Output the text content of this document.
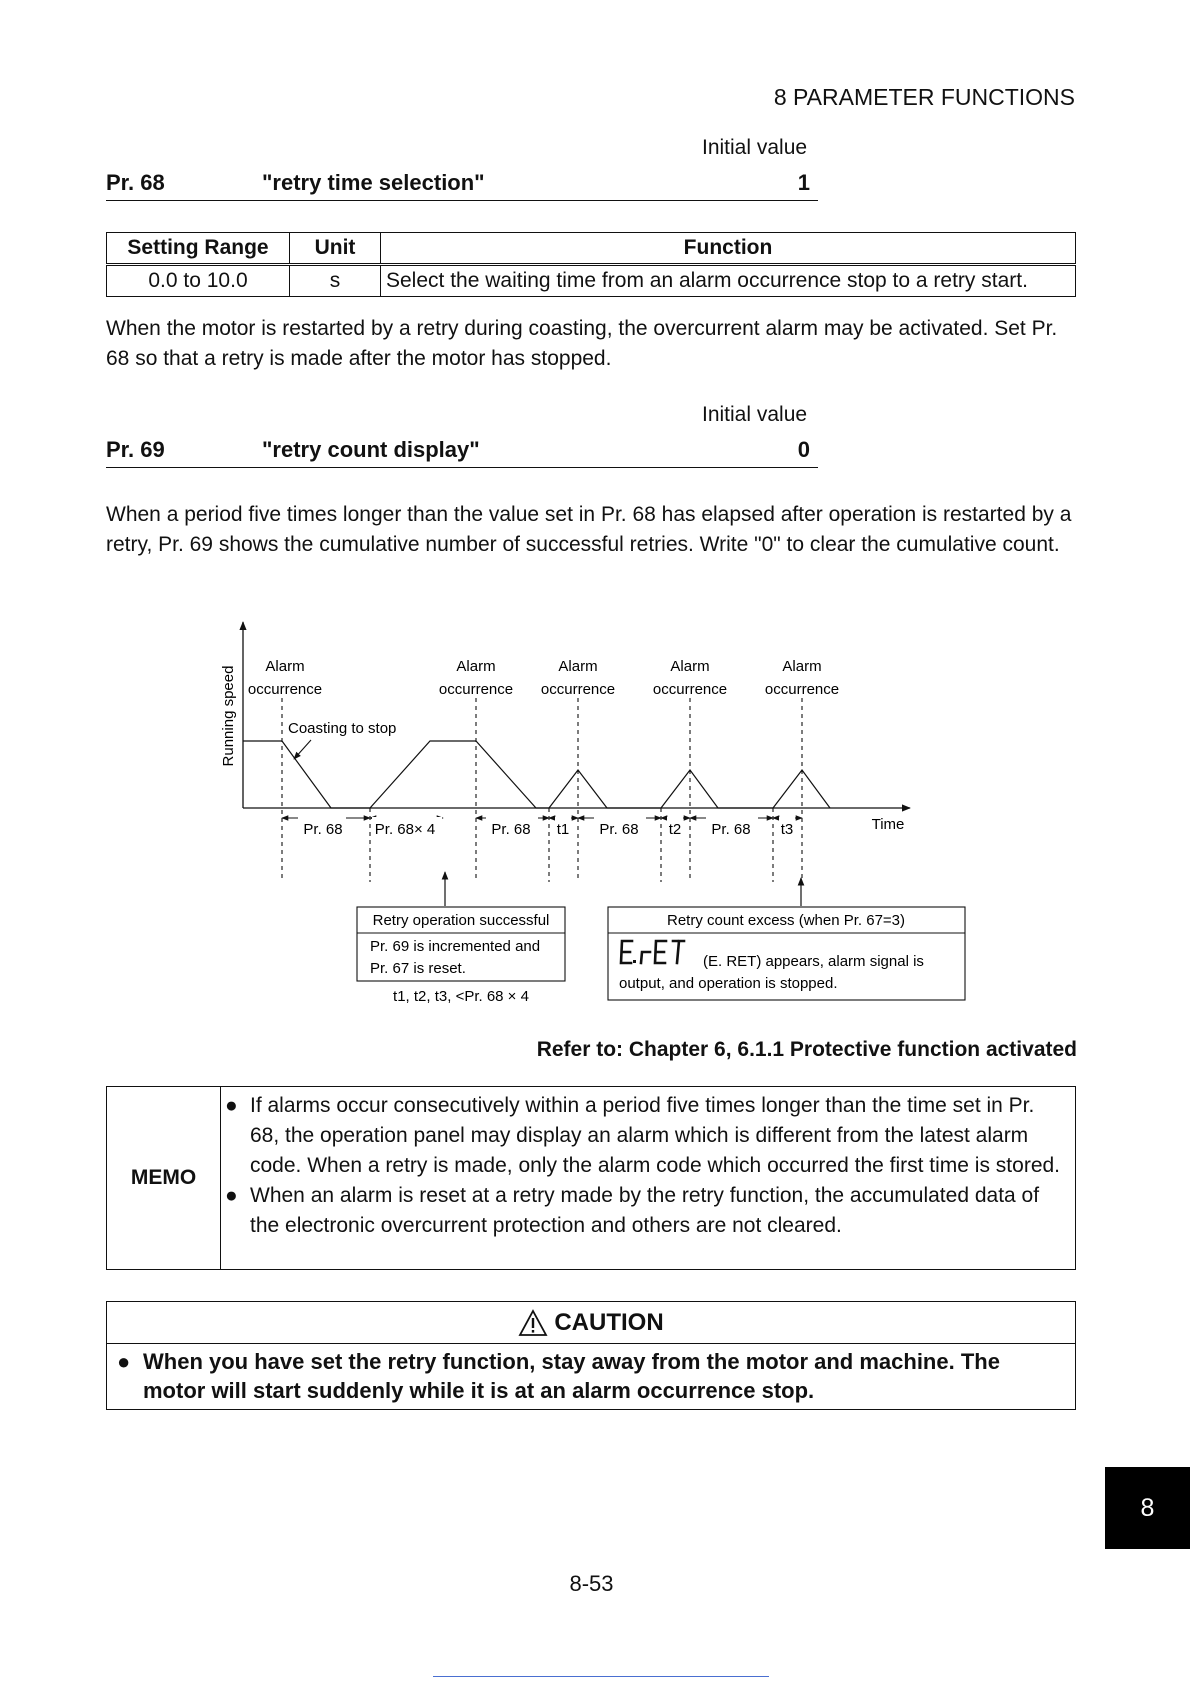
8 PARAMETER FUNCTIONS
Initial value
Pr. 68	"retry time selection"	1
Setting Range	Unit	Function
0.0 to 10.0	s	Select the waiting time from an alarm occurrence stop to a retry start.
When the motor is restarted by a retry during coasting, the overcurrent alarm may be activated. Set Pr. 68 so that a retry is made after the motor has stopped.
Initial value
Pr. 69	"retry count display"	0
When a period five times longer than the value set in Pr. 68 has elapsed after operation is restarted by a retry, Pr. 69 shows the cumulative number of successful retries. Write "0" to clear the cumulative count.
Running speed
Time
Alarm
occurrence
Alarm
occurrence
Alarm
occurrence
Alarm
occurrence
Alarm
occurrence
Coasting to stop
Pr. 68 Pr. 68× 4	Pr. 68 t1 Pr. 68 t2 Pr. 68 t3
Retry operation successful
Pr. 69 is incremented and
Pr. 67 is reset.
t1, t2, t3, <Pr. 68 × 4
Retry count excess (when Pr. 67=3)
(E. RET) appears, alarm signal is
output, and operation is stopped.
Refer to: Chapter 6, 6.1.1 Protective function activated
MEMO
● If alarms occur consecutively within a period five times longer than the time set in Pr. 68, the operation panel may display an alarm which is different from the latest alarm code. When a retry is made, only the alarm code which occurred the first time is stored.
● When an alarm is reset at a retry made by the retry function, the accumulated data of the electronic overcurrent protection and others are not cleared.
CAUTION
● When you have set the retry function, stay away from the motor and machine. The motor will start suddenly while it is at an alarm occurrence stop.
8
8-53
